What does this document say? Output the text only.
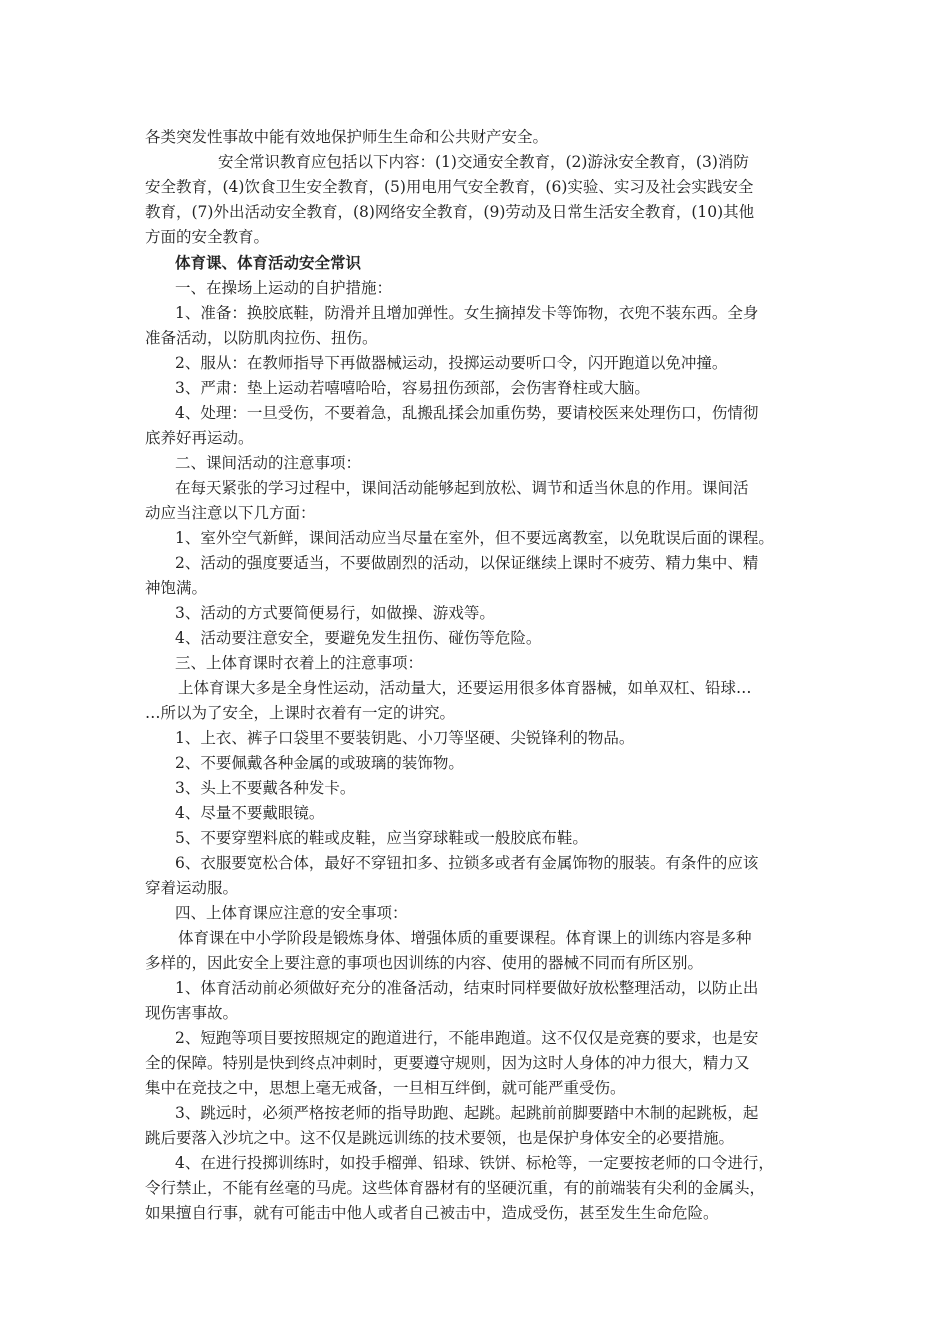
各类突发性事故中能有效地保护师生生命和公共财产安全。
安全常识教育应包括以下内容：(1)交通安全教育，(2)游泳安全教育，(3)消防
安全教育，(4)饮食卫生安全教育，(5)用电用气安全教育，(6)实验、实习及社会实践安全
教育，(7)外出活动安全教育，(8)网络安全教育，(9)劳动及日常生活安全教育，(10)其他
方面的安全教育。
体育课、体育活动安全常识
一、在操场上运动的自护措施：
1、准备：换胶底鞋，防滑并且增加弹性。女生摘掉发卡等饰物，衣兜不装东西。全身
准备活动，以防肌肉拉伤、扭伤。
2、服从：在教师指导下再做器械运动，投掷运动要听口令，闪开跑道以免冲撞。
3、严肃：垫上运动若嘻嘻哈哈，容易扭伤颈部，会伤害脊柱或大脑。
4、处理：一旦受伤，不要着急，乱搬乱揉会加重伤势，要请校医来处理伤口，伤情彻
底养好再运动。
二、课间活动的注意事项：
在每天紧张的学习过程中，课间活动能够起到放松、调节和适当休息的作用。课间活
动应当注意以下几方面：
1、室外空气新鲜，课间活动应当尽量在室外，但不要远离教室，以免耽误后面的课程。
2、活动的强度要适当，不要做剧烈的活动，以保证继续上课时不疲劳、精力集中、精
神饱满。
3、活动的方式要简便易行，如做操、游戏等。
4、活动要注意安全，要避免发生扭伤、碰伤等危险。
三、上体育课时衣着上的注意事项：
上体育课大多是全身性运动，活动量大，还要运用很多体育器械，如单双杠、铅球…
…所以为了安全，上课时衣着有一定的讲究。
1、上衣、裤子口袋里不要装钥匙、小刀等坚硬、尖锐锋利的物品。
2、不要佩戴各种金属的或玻璃的装饰物。
3、头上不要戴各种发卡。
4、尽量不要戴眼镜。
5、不要穿塑料底的鞋或皮鞋，应当穿球鞋或一般胶底布鞋。
6、衣服要宽松合体，最好不穿钮扣多、拉锁多或者有金属饰物的服装。有条件的应该
穿着运动服。
四、上体育课应注意的安全事项：
体育课在中小学阶段是锻炼身体、增强体质的重要课程。体育课上的训练内容是多种
多样的，因此安全上要注意的事项也因训练的内容、使用的器械不同而有所区别。
1、体育活动前必须做好充分的准备活动，结束时同样要做好放松整理活动，以防止出
现伤害事故。
2、短跑等项目要按照规定的跑道进行，不能串跑道。这不仅仅是竞赛的要求，也是安
全的保障。特别是快到终点冲刺时，更要遵守规则，因为这时人身体的冲力很大，精力又
集中在竞技之中，思想上毫无戒备，一旦相互绊倒，就可能严重受伤。
3、跳远时，必须严格按老师的指导助跑、起跳。起跳前前脚要踏中木制的起跳板，起
跳后要落入沙坑之中。这不仅是跳远训练的技术要领，也是保护身体安全的必要措施。
4、在进行投掷训练时，如投手榴弹、铅球、铁饼、标枪等，一定要按老师的口令进行，
令行禁止，不能有丝毫的马虎。这些体育器材有的坚硬沉重，有的前端装有尖利的金属头，
如果擅自行事，就有可能击中他人或者自己被击中，造成受伤，甚至发生生命危险。
